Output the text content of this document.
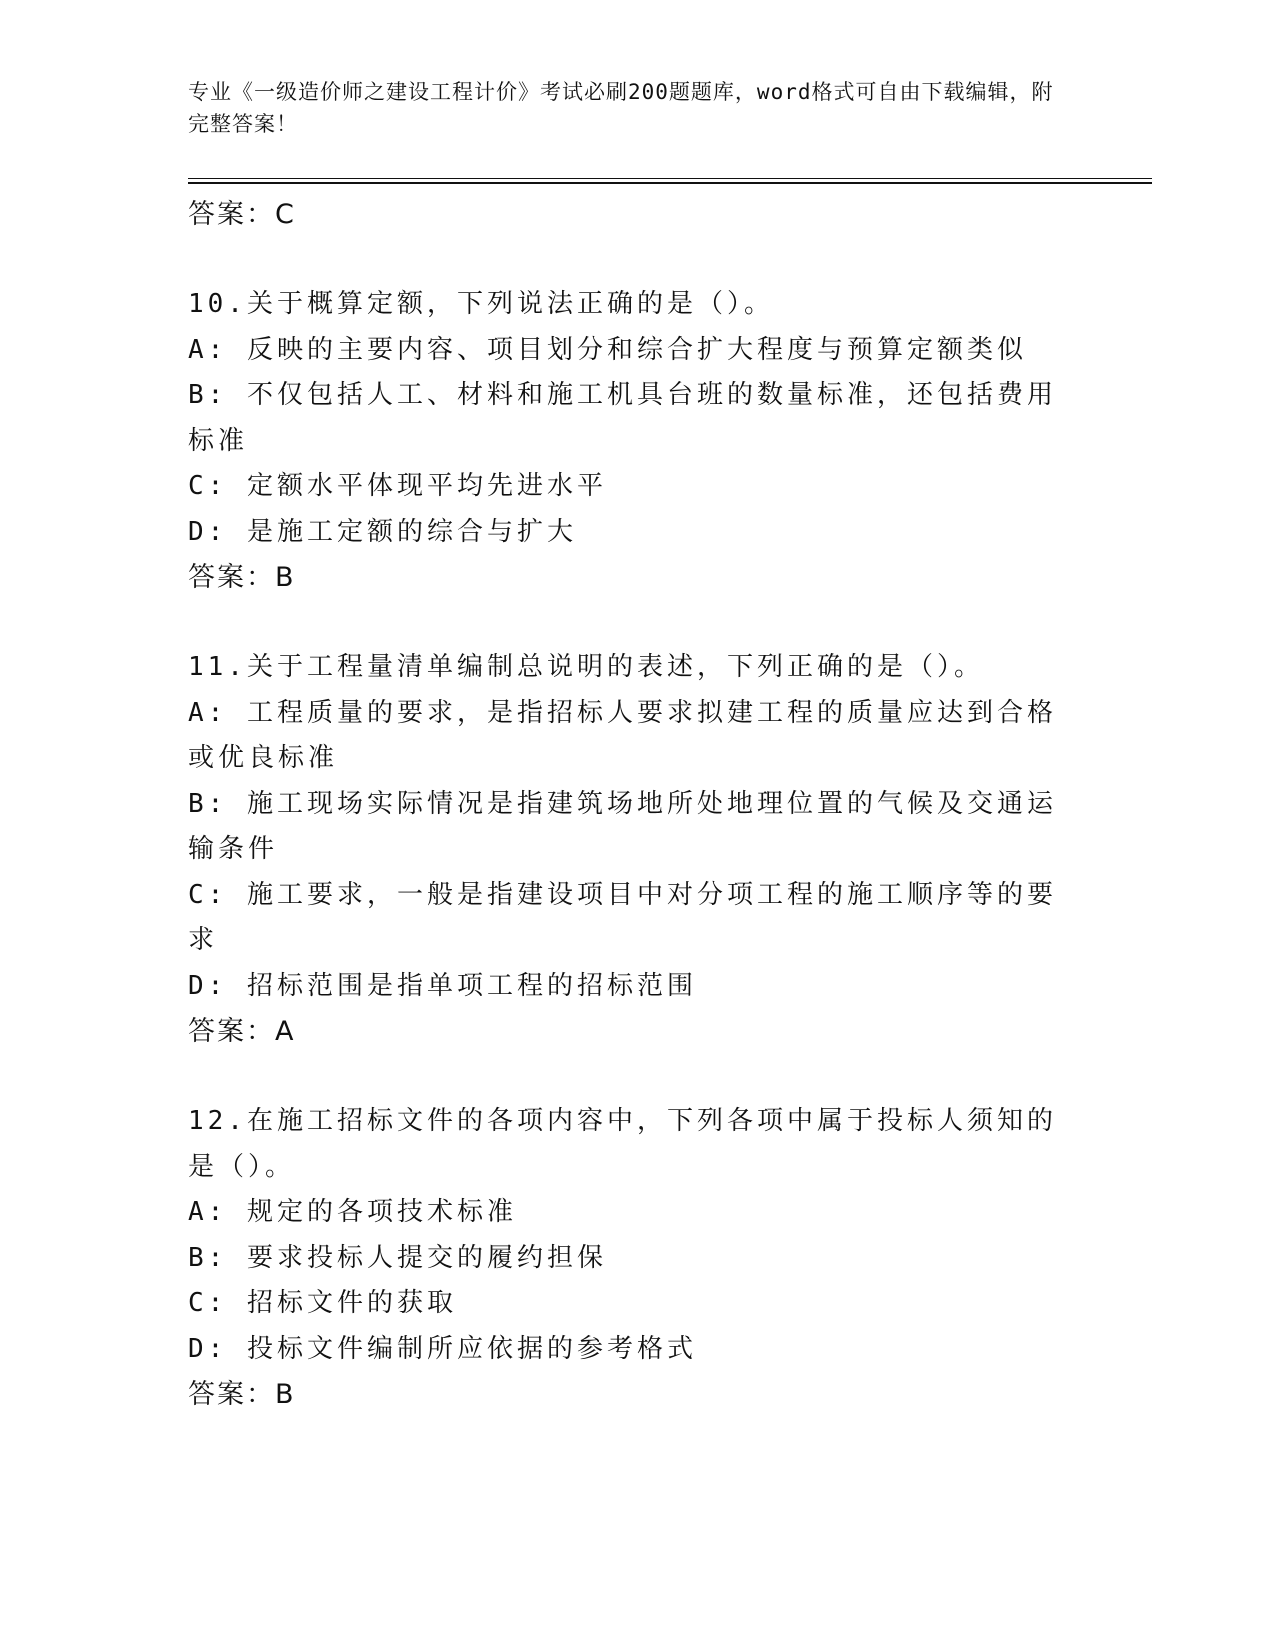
专业《一级造价师之建设工程计价》考试必刷200题题库，word格式可自由下载编辑，附完整答案！

答案：C

10.关于概算定额，下列说法正确的是（）。

A: 反映的主要内容、项目划分和综合扩大程度与预算定额类似

B: 不仅包括人工、材料和施工机具台班的数量标准，还包括费用标准

C: 定额水平体现平均先进水平

D: 是施工定额的综合与扩大

答案：B

11.关于工程量清单编制总说明的表述，下列正确的是（）。

A: 工程质量的要求，是指招标人要求拟建工程的质量应达到合格或优良标准

B: 施工现场实际情况是指建筑场地所处地理位置的气候及交通运输条件

C: 施工要求，一般是指建设项目中对分项工程的施工顺序等的要求

D: 招标范围是指单项工程的招标范围

答案：A

12.在施工招标文件的各项内容中，下列各项中属于投标人须知的是（）。

A: 规定的各项技术标准

B: 要求投标人提交的履约担保

C: 招标文件的获取

D: 投标文件编制所应依据的参考格式

答案：B
